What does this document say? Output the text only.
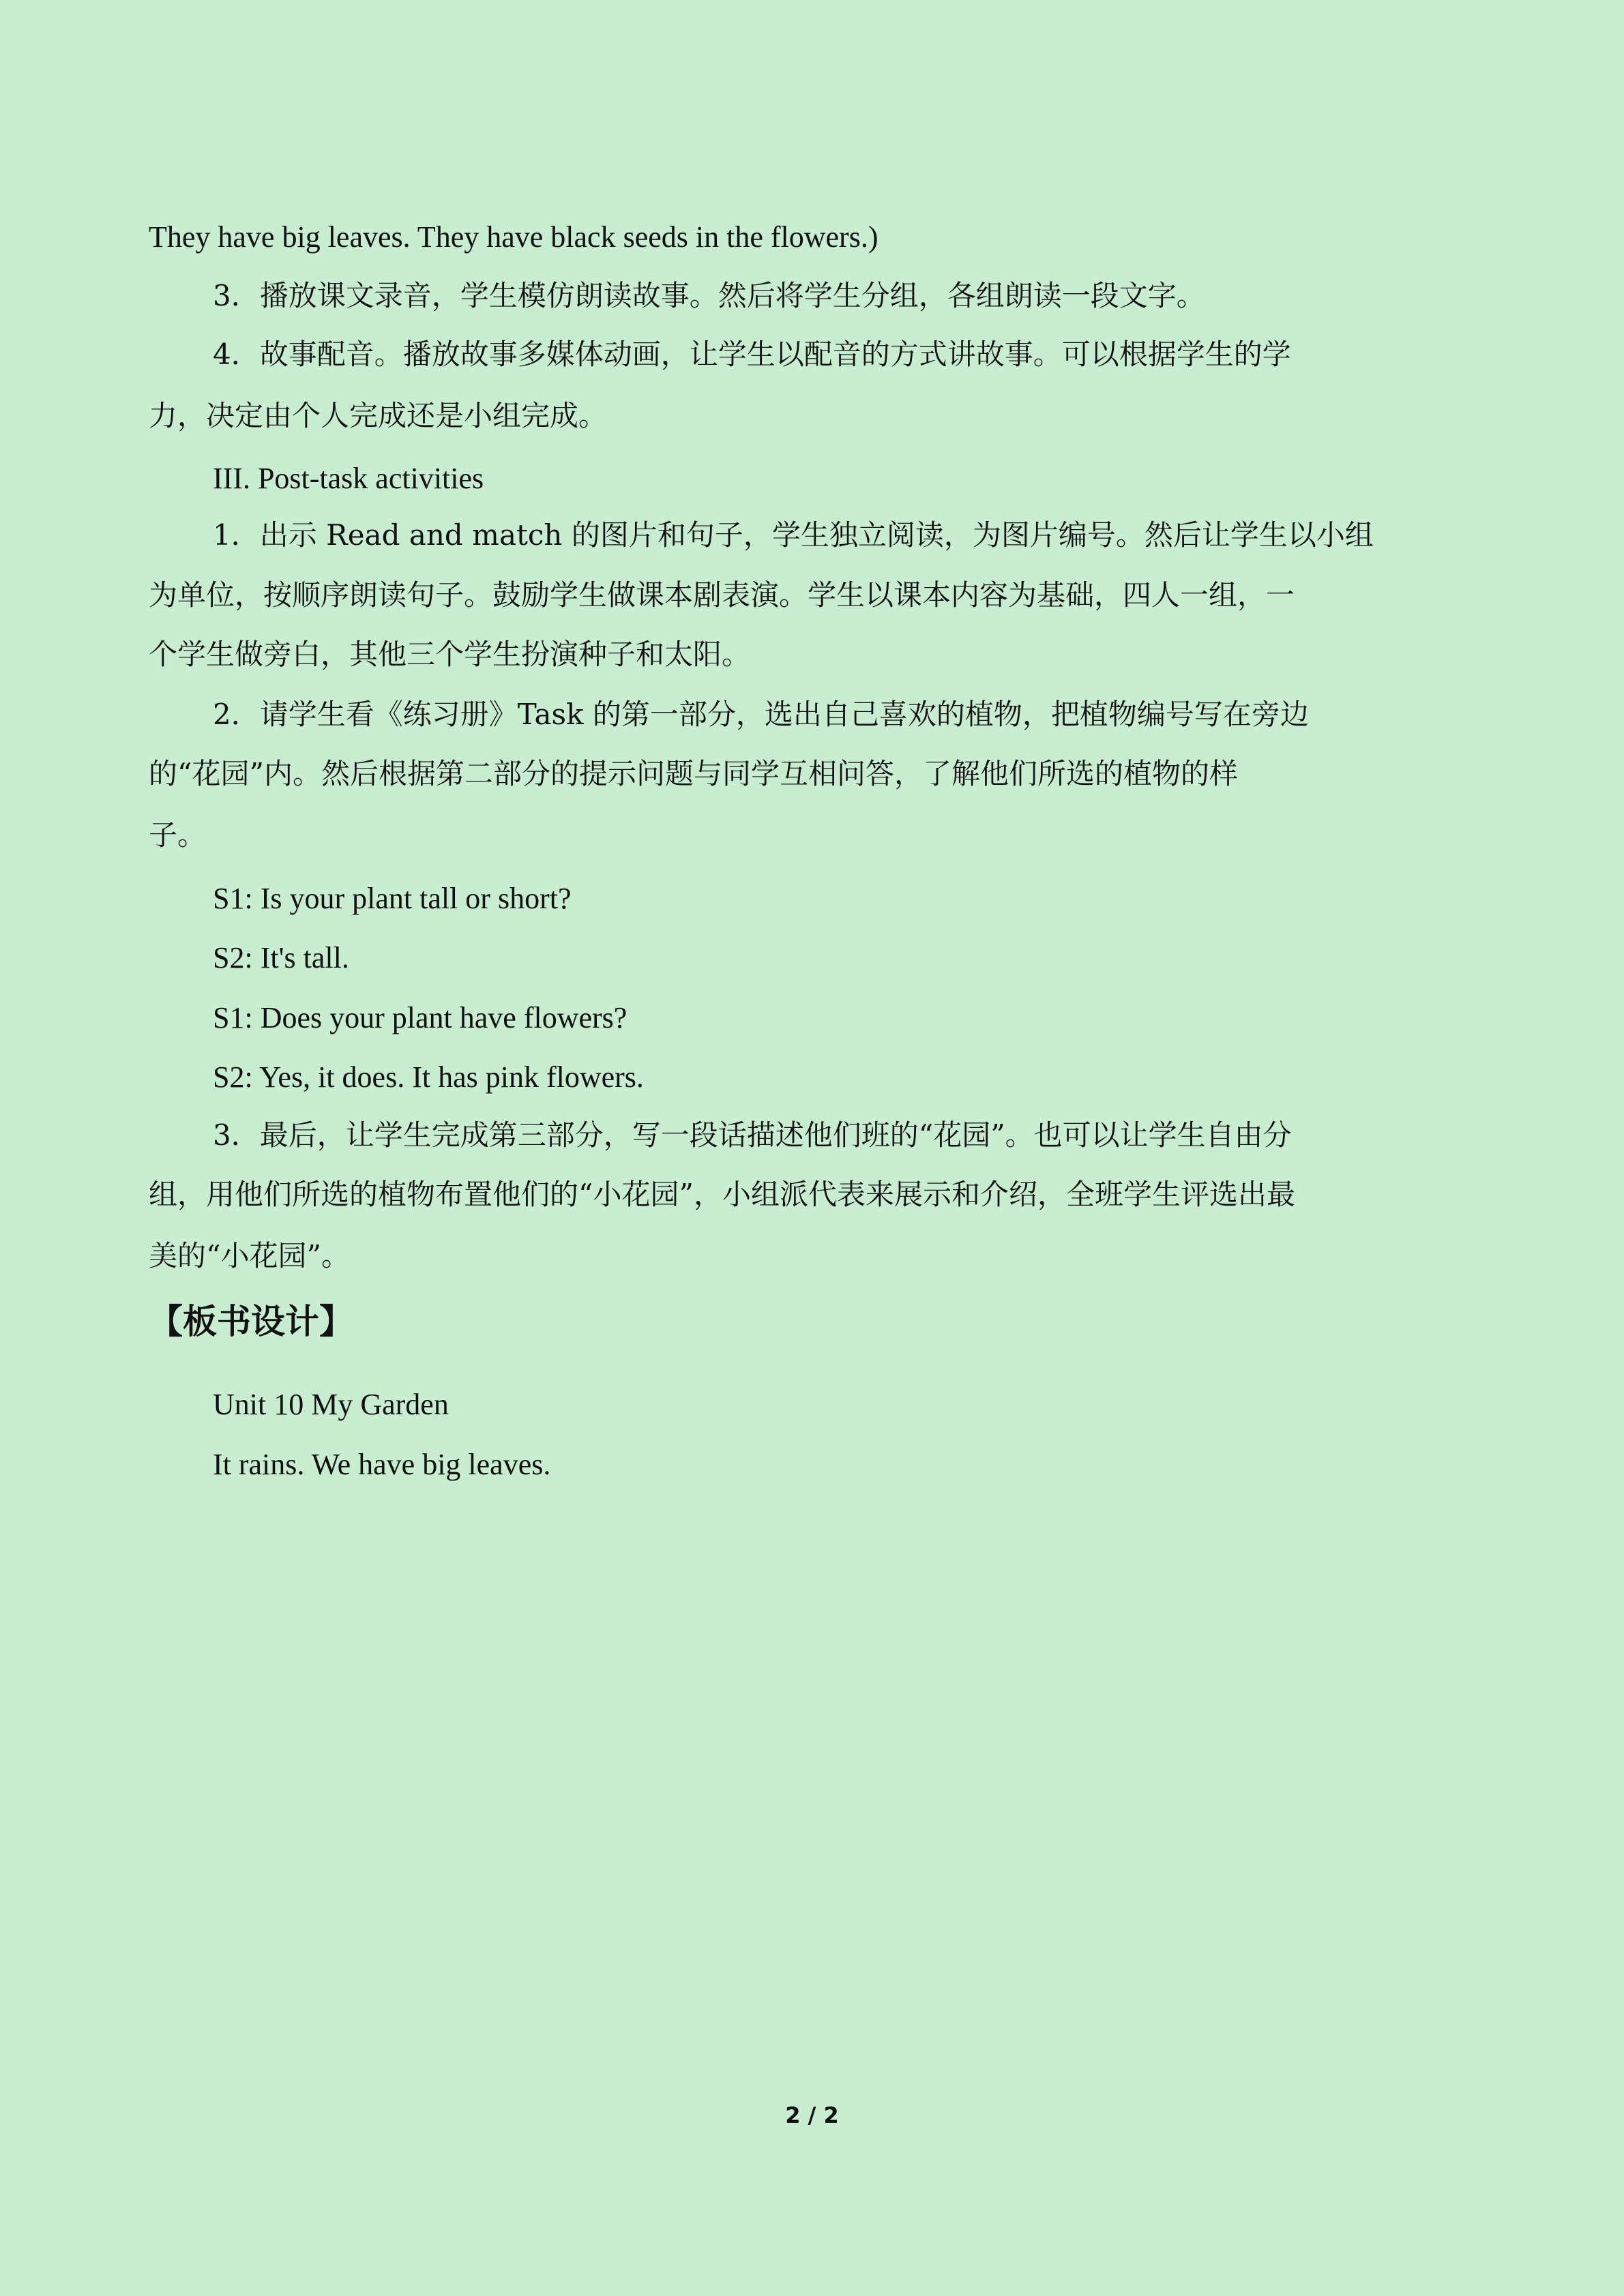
They have big leaves. They have black seeds in the flowers.)

3．播放课文录音，学生模仿朗读故事。然后将学生分组，各组朗读一段文字。

4．故事配音。播放故事多媒体动画，让学生以配音的方式讲故事。可以根据学生的学

力，决定由个人完成还是小组完成。

III. Post-task activities

1．出示 Read and match 的图片和句子，学生独立阅读，为图片编号。然后让学生以小组

为单位，按顺序朗读句子。鼓励学生做课本剧表演。学生以课本内容为基础，四人一组，一

个学生做旁白，其他三个学生扮演种子和太阳。

2．请学生看《练习册》Task 的第一部分，选出自己喜欢的植物，把植物编号写在旁边

的“花园”内。然后根据第二部分的提示问题与同学互相问答，了解他们所选的植物的样

子。

S1: Is your plant tall or short?

S2: It's tall.

S1: Does your plant have flowers?

S2: Yes, it does. It has pink flowers.

3．最后，让学生完成第三部分，写一段话描述他们班的“花园”。也可以让学生自由分

组，用他们所选的植物布置他们的“小花园”，小组派代表来展示和介绍，全班学生评选出最

美的“小花园”。

【板书设计】

Unit 10 My Garden

It rains. We have big leaves.

2 / 2
